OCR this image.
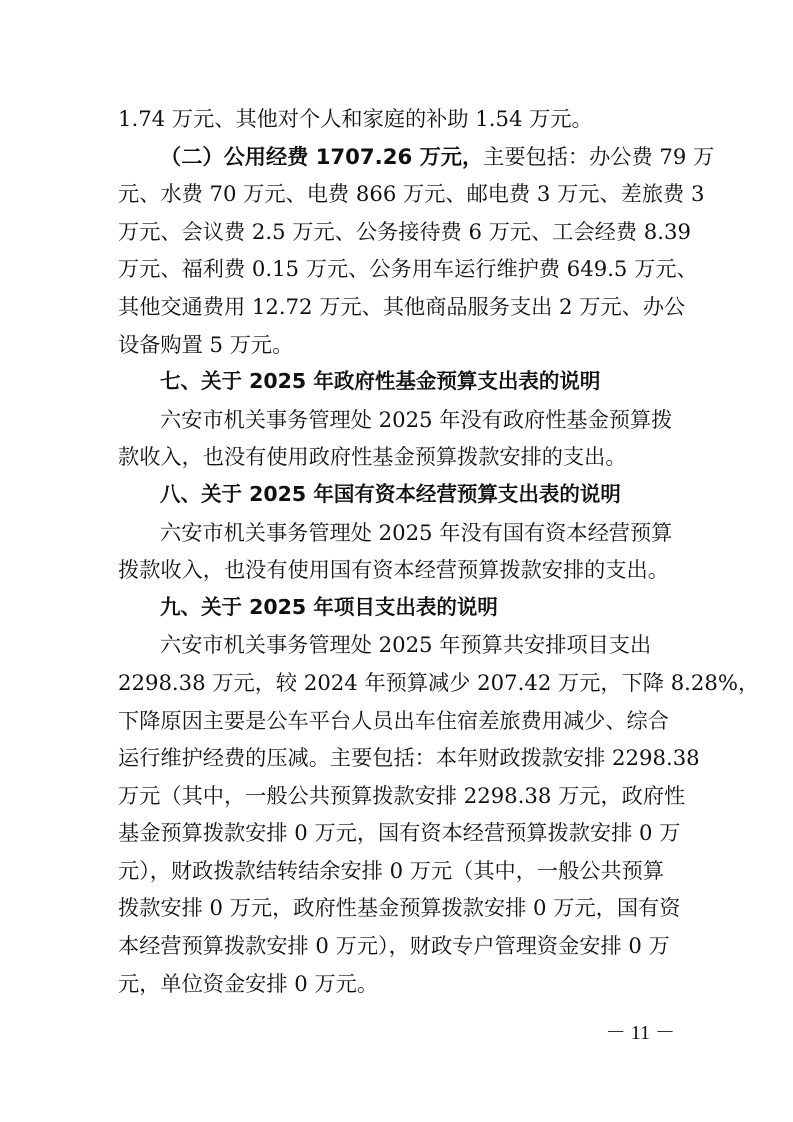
1.74 万元、其他对个人和家庭的补助 1.54 万元。
（二）公用经费 1707.26 万元，主要包括：办公费 79 万
元、水费 70 万元、电费 866 万元、邮电费 3 万元、差旅费 3
万元、会议费 2.5 万元、公务接待费 6 万元、工会经费 8.39
万元、福利费 0.15 万元、公务用车运行维护费 649.5 万元、
其他交通费用 12.72 万元、其他商品服务支出 2 万元、办公
设备购置 5 万元。
七、关于 2025 年政府性基金预算支出表的说明
六安市机关事务管理处 2025 年没有政府性基金预算拨
款收入，也没有使用政府性基金预算拨款安排的支出。
八、关于 2025 年国有资本经营预算支出表的说明
六安市机关事务管理处 2025 年没有国有资本经营预算
拨款收入，也没有使用国有资本经营预算拨款安排的支出。
九、关于 2025 年项目支出表的说明
六安市机关事务管理处 2025 年预算共安排项目支出
2298.38 万元，较 2024 年预算减少 207.42 万元，下降 8.28%，
下降原因主要是公车平台人员出车住宿差旅费用减少、综合
运行维护经费的压减。主要包括：本年财政拨款安排 2298.38
万元（其中，一般公共预算拨款安排 2298.38 万元，政府性
基金预算拨款安排 0 万元，国有资本经营预算拨款安排 0 万
元），财政拨款结转结余安排 0 万元（其中，一般公共预算
拨款安排 0 万元，政府性基金预算拨款安排 0 万元，国有资
本经营预算拨款安排 0 万元），财政专户管理资金安排 0 万
元，单位资金安排 0 万元。
－ 11 －
